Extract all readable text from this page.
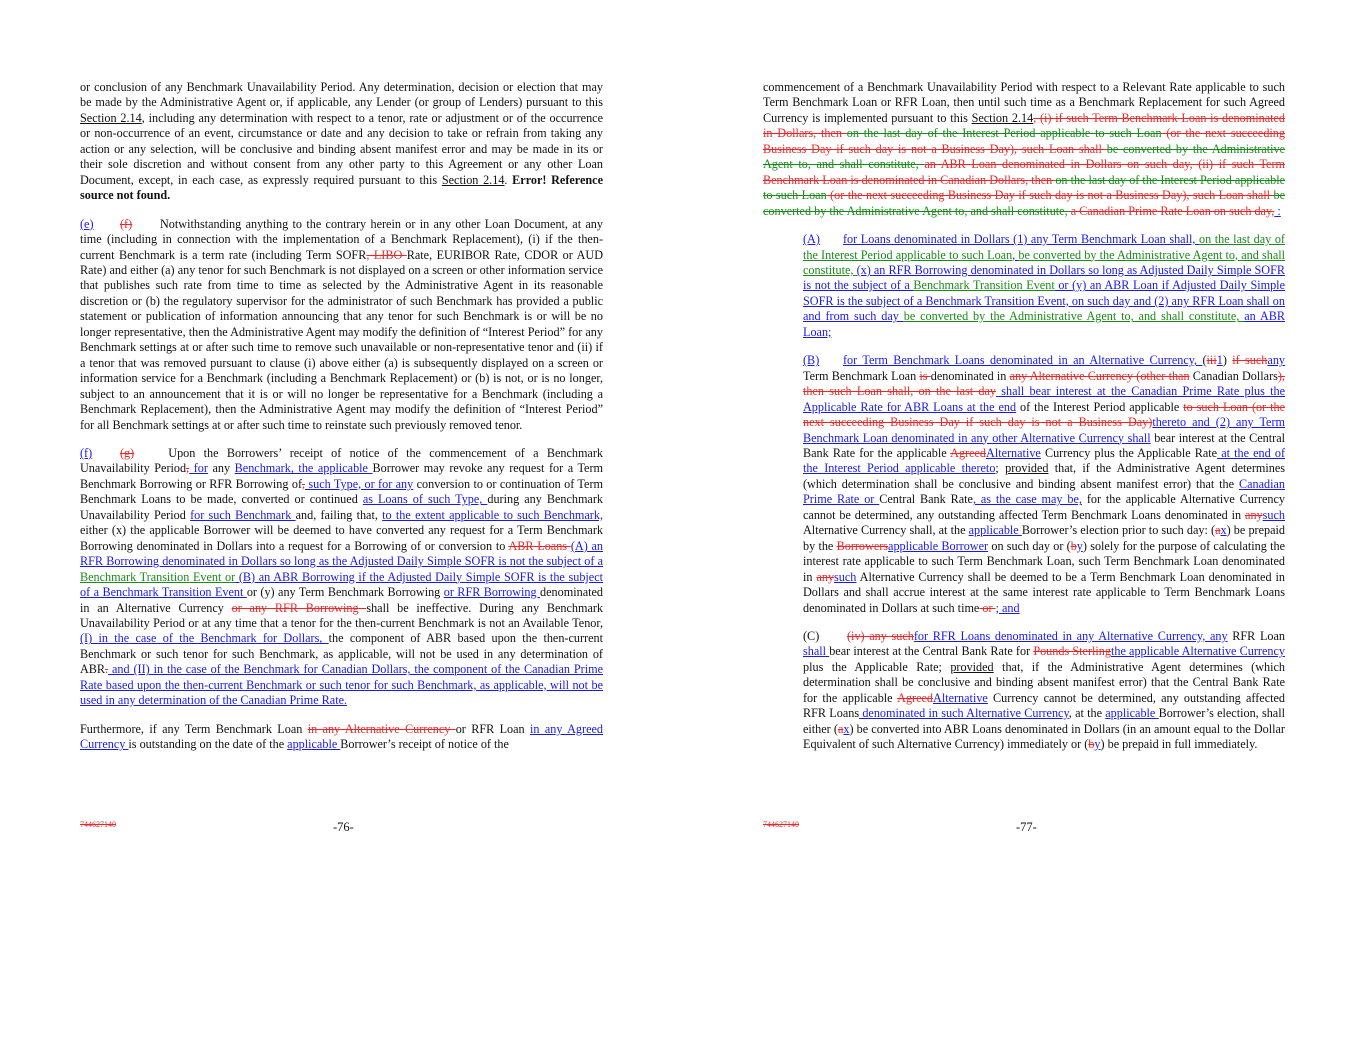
or conclusion of any Benchmark Unavailability Period. Any determination, decision or election that may be made by the Administrative Agent or, if applicable, any Lender (or group of Lenders) pursuant to this Section 2.14, including any determination with respect to a tenor, rate or adjustment or of the occurrence or non-occurrence of an event, circumstance or date and any decision to take or refrain from taking any action or any selection, will be conclusive and binding absent manifest error and may be made in its or their sole discretion and without consent from any other party to this Agreement or any other Loan Document, except, in each case, as expressly required pursuant to this Section 2.14. Error! Reference source not found.

(e) (f)Notwithstanding anything to the contrary herein or in any other Loan Document, at any time (including in connection with the implementation of a Benchmark Replacement), (i) if the then-current Benchmark is a term rate (including Term SOFR, LIBO Rate, EURIBOR Rate, CDOR or AUD Rate) and either (a) any tenor for such Benchmark is not displayed on a screen or other information service that publishes such rate from time to time as selected by the Administrative Agent in its reasonable discretion or (b) the regulatory supervisor for the administrator of such Benchmark has provided a public statement or publication of information announcing that any tenor for such Benchmark is or will be no longer representative, then the Administrative Agent may modify the definition of “Interest Period” for any Benchmark settings at or after such time to remove such unavailable or non-representative tenor and (ii) if a tenor that was removed pursuant to clause (i) above either (a) is subsequently displayed on a screen or information service for a Benchmark (including a Benchmark Replacement) or (b) is not, or is no longer, subject to an announcement that it is or will no longer be representative for a Benchmark (including a Benchmark Replacement), then the Administrative Agent may modify the definition of “Interest Period” for all Benchmark settings at or after such time to reinstate such previously removed tenor.

(f) (g) Upon the Borrowers’ receipt of notice of the commencement of a Benchmark Unavailability Period, for any Benchmark, the applicable Borrower may revoke any request for a Term Benchmark Borrowing or RFR Borrowing of, such Type, or for any conversion to or continuation of Term Benchmark Loans to be made, converted or continued as Loans of such Type, during any Benchmark Unavailability Period for such Benchmark and, failing that, to the extent applicable to such Benchmark, either (x) the applicable Borrower will be deemed to have converted any request for a Term Benchmark Borrowing denominated in Dollars into a request for a Borrowing of or conversion to ABR Loans (A) an RFR Borrowing denominated in Dollars so long as the Adjusted Daily Simple SOFR is not the subject of a Benchmark Transition Event or (B) an ABR Borrowing if the Adjusted Daily Simple SOFR is the subject of a Benchmark Transition Event or (y) any Term Benchmark Borrowing or RFR Borrowing denominated in an Alternative Currency or any RFR Borrowing shall be ineffective. During any Benchmark Unavailability Period or at any time that a tenor for the then-current Benchmark is not an Available Tenor, (I) in the case of the Benchmark for Dollars, the component of ABR based upon the then-current Benchmark or such tenor for such Benchmark, as applicable, will not be used in any determination of ABR. and (II) in the case of the Benchmark for Canadian Dollars, the component of the Canadian Prime Rate based upon the then-current Benchmark or such tenor for such Benchmark, as applicable, will not be used in any determination of the Canadian Prime Rate.

Furthermore, if any Term Benchmark Loan in any Alternative Currency or RFR Loan in any Agreed Currency is outstanding on the date of the applicable Borrower’s receipt of notice of the

744627140	-76-

commencement of a Benchmark Unavailability Period with respect to a Relevant Rate applicable to such Term Benchmark Loan or RFR Loan, then until such time as a Benchmark Replacement for such Agreed Currency is implemented pursuant to this Section 2.14, (i) if such Term Benchmark Loan is denominated in Dollars, then on the last day of the Interest Period applicable to such Loan (or the next succeeding Business Day if such day is not a Business Day), such Loan shall be converted by the Administrative Agent to, and shall constitute, an ABR Loan denominated in Dollars on such day, (ii) if such Term Benchmark Loan is denominated in Canadian Dollars, then on the last day of the Interest Period applicable to such Loan (or the next succeeding Business Day if such day is not a Business Day), such Loan shall be converted by the Administrative Agent to, and shall constitute, a Canadian Prime Rate Loan on such day, :

(A) for Loans denominated in Dollars (1) any Term Benchmark Loan shall, on the last day of the Interest Period applicable to such Loan, be converted by the Administrative Agent to, and shall constitute, (x) an RFR Borrowing denominated in Dollars so long as Adjusted Daily Simple SOFR is not the subject of a Benchmark Transition Event or (y) an ABR Loan if Adjusted Daily Simple SOFR is the subject of a Benchmark Transition Event, on such day and (2) any RFR Loan shall on and from such day be converted by the Administrative Agent to, and shall constitute, an ABR Loan;

(B) for Term Benchmark Loans denominated in an Alternative Currency, (iii1) if suchany Term Benchmark Loan is denominated in any Alternative Currency (other than Canadian Dollars), then such Loan shall, on the last day shall bear interest at the Canadian Prime Rate plus the Applicable Rate for ABR Loans at the end of the Interest Period applicable to such Loan (or the next succeeding Business Day if such day is not a Business Day)thereto and (2) any Term Benchmark Loan denominated in any other Alternative Currency shall bear interest at the Central Bank Rate for the applicable AgreedAlternative Currency plus the Applicable Rate at the end of the Interest Period applicable thereto; provided that, if the Administrative Agent determines (which determination shall be conclusive and binding absent manifest error) that the Canadian Prime Rate or Central Bank Rate, as the case may be, for the applicable Alternative Currency cannot be determined, any outstanding affected Term Benchmark Loans denominated in anysuch Alternative Currency shall, at the applicable Borrower’s election prior to such day: (ax) be prepaid by the Borrowersapplicable Borrower on such day or (by) solely for the purpose of calculating the interest rate applicable to such Term Benchmark Loan, such Term Benchmark Loan denominated in anysuch Alternative Currency shall be deemed to be a Term Benchmark Loan denominated in Dollars and shall accrue interest at the same interest rate applicable to Term Benchmark Loans denominated in Dollars at such time or ; and

(C) (iv) any suchfor RFR Loans denominated in any Alternative Currency, any RFR Loan shall bear interest at the Central Bank Rate for Pounds Sterlingthe applicable Alternative Currency plus the Applicable Rate; provided that, if the Administrative Agent determines (which determination shall be conclusive and binding absent manifest error) that the Central Bank Rate for the applicable AgreedAlternative Currency cannot be determined, any outstanding affected RFR Loans denominated in such Alternative Currency, at the applicable Borrower’s election, shall either (ax) be converted into ABR Loans denominated in Dollars (in an amount equal to the Dollar Equivalent of such Alternative Currency) immediately or (by) be prepaid in full immediately.

744627140	-77-
